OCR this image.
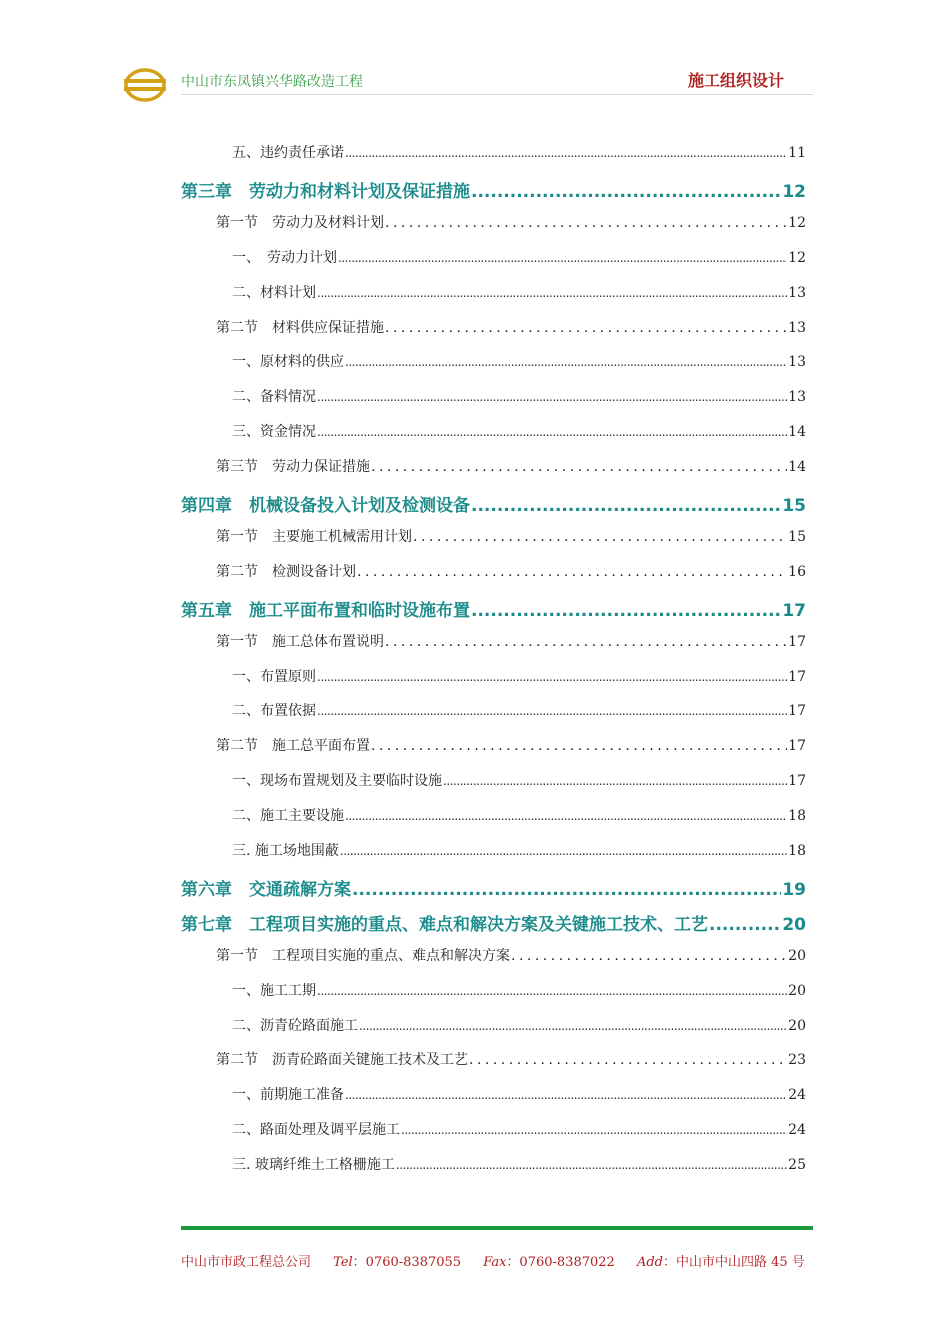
中山市东凤镇兴华路改造工程	施工组织设计
五、违约责任承诺 .....	11
第三章　劳动力和材料计划及保证措施 .....	12
第一节　劳动力及材料计划 .....	12
一、　劳动力计划 .....	12
二、材料计划 .....	13
第二节　材料供应保证措施 .....	13
一、原材料的供应 .....	13
二、备料情况 .....	13
三、资金情况 .....	14
第三节　劳动力保证措施 .....	14
第四章　机械设备投入计划及检测设备 .....	15
第一节　主要施工机械需用计划 .....	15
第二节　检测设备计划 .....	16
第五章　施工平面布置和临时设施布置 .....	17
第一节　施工总体布置说明 .....	17
一、布置原则 .....	17
二、布置依据 .....	17
第二节　施工总平面布置 .....	17
一、现场布置规划及主要临时设施 .....	17
二、施工主要设施 .....	18
三. 施工场地围蔽 .....	18
第六章　交通疏解方案 .....	19
第七章　工程项目实施的重点、难点和解决方案及关键施工技术、工艺 .....	20
第一节　工程项目实施的重点、难点和解决方案 .....	20
一、施工工期 .....	20
二、沥青砼路面施工 .....	20
第二节　沥青砼路面关键施工技术及工艺 .....	23
一、前期施工准备 .....	24
二、路面处理及调平层施工 .....	24
三. 玻璃纤维土工格栅施工 .....	25
中山市市政工程总公司 Tel：0760-8387055 Fax：0760-8387022 Add：中山市中山四路 45 号
